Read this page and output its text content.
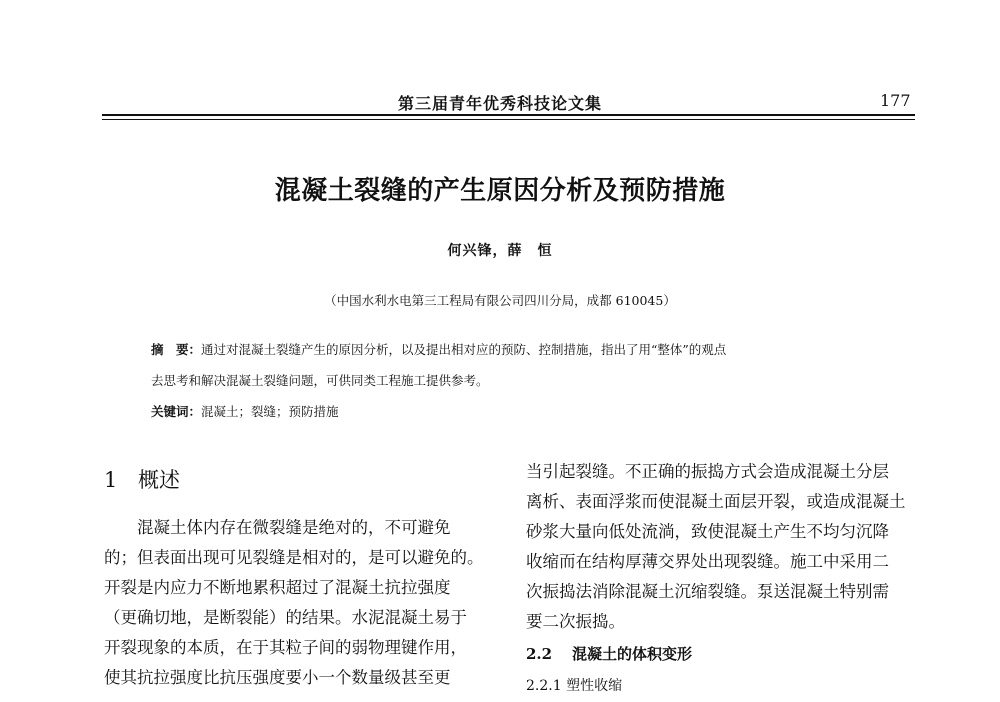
第三届青年优秀科技论文集	177
混凝土裂缝的产生原因分析及预防措施
何兴锋，薛　恒
（中国水利水电第三工程局有限公司四川分局，成都 610045）
摘　要：通过对混凝土裂缝产生的原因分析，以及提出相对应的预防、控制措施，指出了用“整体”的观点
去思考和解决混凝土裂缝问题，可供同类工程施工提供参考。
关键词：混凝土；裂缝；预防措施
1 概述
　　混凝土体内存在微裂缝是绝对的，不可避免
的；但表面出现可见裂缝是相对的，是可以避免的。
开裂是内应力不断地累积超过了混凝土抗拉强度
（更确切地，是断裂能）的结果。水泥混凝土易于
开裂现象的本质，在于其粒子间的弱物理键作用，
使其抗拉强度比抗压强度要小一个数量级甚至更
当引起裂缝。不正确的振捣方式会造成混凝土分层
离析、表面浮浆而使混凝土面层开裂，或造成混凝土
砂浆大量向低处流淌，致使混凝土产生不均匀沉降
收缩而在结构厚薄交界处出现裂缝。施工中采用二
次振捣法消除混凝土沉缩裂缝。泵送混凝土特别需
要二次振捣。
2.2 混凝土的体积变形
2.2.1 塑性收缩
